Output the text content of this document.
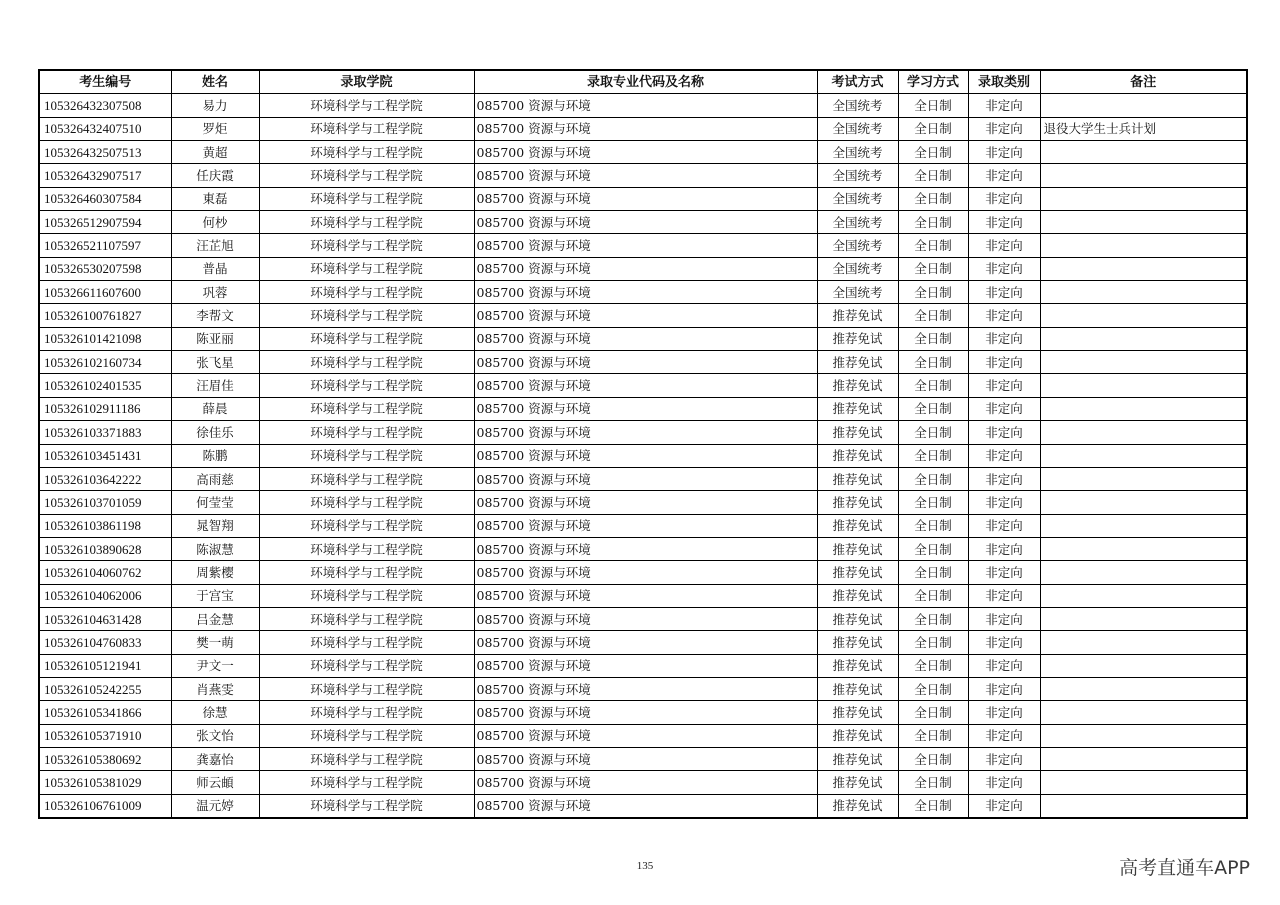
考生编号	姓名	录取学院	录取专业代码及名称	考试方式	学习方式	录取类别	备注
105326432307508	易力	环境科学与工程学院	085700 资源与环境	全国统考	全日制	非定向	
105326432407510	罗炬	环境科学与工程学院	085700 资源与环境	全国统考	全日制	非定向	退役大学生士兵计划
105326432507513	黄超	环境科学与工程学院	085700 资源与环境	全国统考	全日制	非定向	
105326432907517	任庆霞	环境科学与工程学院	085700 资源与环境	全国统考	全日制	非定向	
105326460307584	東磊	环境科学与工程学院	085700 资源与环境	全国统考	全日制	非定向	
105326512907594	何杪	环境科学与工程学院	085700 资源与环境	全国统考	全日制	非定向	
105326521107597	汪芷旭	环境科学与工程学院	085700 资源与环境	全国统考	全日制	非定向	
105326530207598	普晶	环境科学与工程学院	085700 资源与环境	全国统考	全日制	非定向	
105326611607600	巩蓉	环境科学与工程学院	085700 资源与环境	全国统考	全日制	非定向	
105326100761827	李帮文	环境科学与工程学院	085700 资源与环境	推荐免试	全日制	非定向	
105326101421098	陈亚丽	环境科学与工程学院	085700 资源与环境	推荐免试	全日制	非定向	
105326102160734	张飞星	环境科学与工程学院	085700 资源与环境	推荐免试	全日制	非定向	
105326102401535	汪眉佳	环境科学与工程学院	085700 资源与环境	推荐免试	全日制	非定向	
105326102911186	薛晨	环境科学与工程学院	085700 资源与环境	推荐免试	全日制	非定向	
105326103371883	徐佳乐	环境科学与工程学院	085700 资源与环境	推荐免试	全日制	非定向	
105326103451431	陈鹏	环境科学与工程学院	085700 资源与环境	推荐免试	全日制	非定向	
105326103642222	高雨慈	环境科学与工程学院	085700 资源与环境	推荐免试	全日制	非定向	
105326103701059	何莹莹	环境科学与工程学院	085700 资源与环境	推荐免试	全日制	非定向	
105326103861198	晁智翔	环境科学与工程学院	085700 资源与环境	推荐免试	全日制	非定向	
105326103890628	陈淑慧	环境科学与工程学院	085700 资源与环境	推荐免试	全日制	非定向	
105326104060762	周紫樱	环境科学与工程学院	085700 资源与环境	推荐免试	全日制	非定向	
105326104062006	于宫宝	环境科学与工程学院	085700 资源与环境	推荐免试	全日制	非定向	
105326104631428	吕金慧	环境科学与工程学院	085700 资源与环境	推荐免试	全日制	非定向	
105326104760833	樊一萌	环境科学与工程学院	085700 资源与环境	推荐免试	全日制	非定向	
105326105121941	尹文一	环境科学与工程学院	085700 资源与环境	推荐免试	全日制	非定向	
105326105242255	肖燕雯	环境科学与工程学院	085700 资源与环境	推荐免试	全日制	非定向	
105326105341866	徐慧	环境科学与工程学院	085700 资源与环境	推荐免试	全日制	非定向	
105326105371910	张文怡	环境科学与工程学院	085700 资源与环境	推荐免试	全日制	非定向	
105326105380692	龚嘉怡	环境科学与工程学院	085700 资源与环境	推荐免试	全日制	非定向	
105326105381029	师云頔	环境科学与工程学院	085700 资源与环境	推荐免试	全日制	非定向	
105326106761009	温元婷	环境科学与工程学院	085700 资源与环境	推荐免试	全日制	非定向	
135	高考直通车APP
